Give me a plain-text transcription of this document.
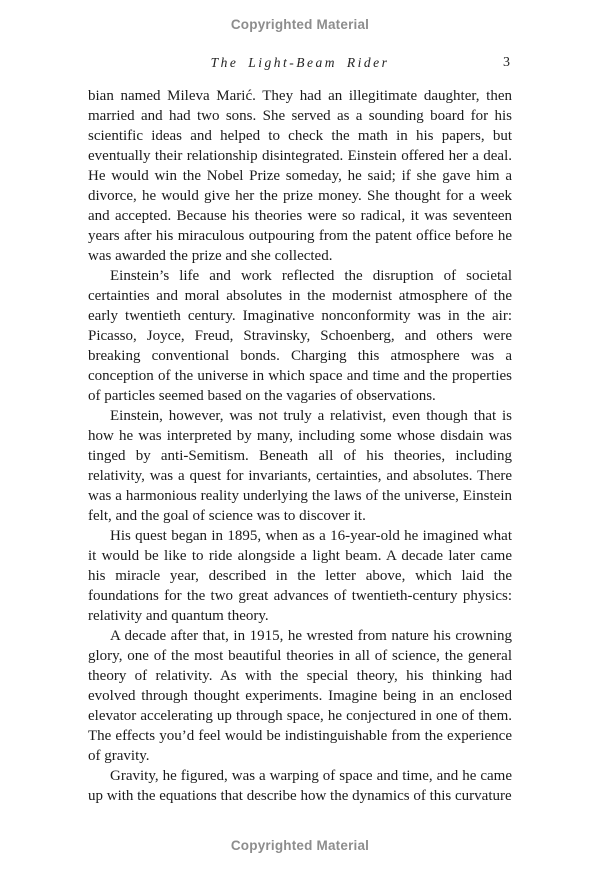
Copyrighted Material
The Light-Beam Rider	3

bian named Mileva Marić. They had an illegitimate daughter, then married and had two sons. She served as a sounding board for his scientific ideas and helped to check the math in his papers, but eventually their relationship disintegrated. Einstein offered her a deal. He would win the Nobel Prize someday, he said; if she gave him a divorce, he would give her the prize money. She thought for a week and accepted. Because his theories were so radical, it was seventeen years after his miraculous outpouring from the patent office before he was awarded the prize and she collected.

Einstein’s life and work reflected the disruption of societal certainties and moral absolutes in the modernist atmosphere of the early twentieth century. Imaginative nonconformity was in the air: Picasso, Joyce, Freud, Stravinsky, Schoenberg, and others were breaking conventional bonds. Charging this atmosphere was a conception of the universe in which space and time and the properties of particles seemed based on the vagaries of observations.

Einstein, however, was not truly a relativist, even though that is how he was interpreted by many, including some whose disdain was tinged by anti-Semitism. Beneath all of his theories, including relativity, was a quest for invariants, certainties, and absolutes. There was a harmonious reality underlying the laws of the universe, Einstein felt, and the goal of science was to discover it.

His quest began in 1895, when as a 16-year-old he imagined what it would be like to ride alongside a light beam. A decade later came his miracle year, described in the letter above, which laid the foundations for the two great advances of twentieth-century physics: relativity and quantum theory.

A decade after that, in 1915, he wrested from nature his crowning glory, one of the most beautiful theories in all of science, the general theory of relativity. As with the special theory, his thinking had evolved through thought experiments. Imagine being in an enclosed elevator accelerating up through space, he conjectured in one of them. The effects you’d feel would be indistinguishable from the experience of gravity.

Gravity, he figured, was a warping of space and time, and he came up with the equations that describe how the dynamics of this curvature

Copyrighted Material
